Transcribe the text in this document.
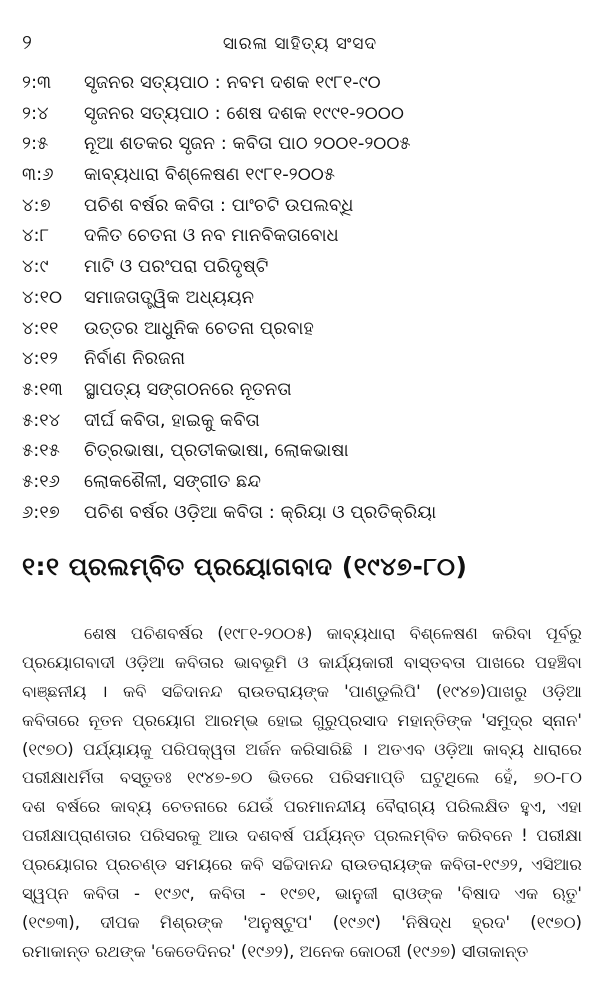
୨	ସାରଳା ସାହିତ୍ୟ ସଂସଦ
୨:୩ ସୃଜନର ସତ୍ୟପାଠ : ନବମ ଦଶକ ୧୯୮୧-୯୦
୨:୪ ସୃଜନର ସତ୍ୟପାଠ : ଶେଷ ଦଶକ ୧୯୯୧-୨୦୦୦
୨:୫ ନୂଆ ଶତକର ସୃଜନ : କବିତା ପାଠ ୨୦୦୧-୨୦୦୫
୩:୬ କାବ୍ୟଧାରା ବିଶ୍ଳେଷଣ ୧୯୮୧-୨୦୦୫
୪:୭ ପଚିଶ ବର୍ଷର କବିତା : ପାଂଚଟି ଉପଲବ୍ଧି
୪:୮ ଦଳିତ ଚେତନା ଓ ନବ ମାନବିକତାବୋଧ
୪:୯ ମାଟି ଓ ପରଂପରା ପରିଦୃଷ୍ଟି
୪:୧୦ ସମାଜତାତ୍ତ୍ୱିକ ଅଧ୍ୟୟନ
୪:୧୧ ଉତ୍ତର ଆଧୁନିକ ଚେତନା ପ୍ରବାହ
୪:୧୨ ନିର୍ବାଣ ନିରଜନା
୫:୧୩ ସ୍ଥାପତ୍ୟ ସଙ୍ଗଠନରେ ନୂତନତା
୫:୧୪ ଦୀର୍ଘ କବିତା, ହାଇକୁ କବିତା
୫:୧୫ ଚିତ୍ରଭାଷା, ପ୍ରତୀକଭାଷା, ଲୋକଭାଷା
୫:୧୬ ଲୋକଶୈଳୀ, ସଙ୍ଗୀତ ଛନ୍ଦ
୬:୧୭ ପଚିଶ ବର୍ଷର ଓଡ଼ିଆ କବିତା : କ୍ରିୟା ଓ ପ୍ରତିକ୍ରିୟା
୧:୧ ପ୍ରଲମ୍ବିତ ପ୍ରୟୋଗବାଦ (୧୯୪୭-୮୦)
ଶେଷ ପଚିଶବର୍ଷର (୧୯୮୧-୨୦୦୫) କାବ୍ୟଧାରା ବିଶ୍ଳେଷଣ କରିବା ପୂର୍ବରୁ
ପ୍ରୟୋଗବାଦୀ ଓଡ଼ିଆ କବିତାର ଭାବଭୂମି ଓ କାର୍ଯ୍ୟକାରୀ ବାସ୍ତବତା ପାଖରେ ପହଞ୍ଚିବା
ବାଞ୍ଛନୀୟ । କବି ସଚ୍ଚିଦାନନ୍ଦ ରାଉତରାୟଙ୍କ 'ପାଣ୍ଡୁଲିପି' (୧୯୪୭)ପାଖରୁ ଓଡ଼ିଆ
କବିତାରେ ନୂତନ ପ୍ରୟୋଗ ଆରମ୍ଭ ହୋଇ ଗୁରୁପ୍ରସାଦ ମହାନ୍ତିଙ୍କ 'ସମୁଦ୍ର ସ୍ନାନ'
(୧୯୭୦) ପର୍ଯ୍ୟାୟକୁ ପରିପକ୍ୱତା ଅର୍ଜନ କରିସାରିଛି । ଅତଏବ ଓଡ଼ିଆ କାବ୍ୟ ଧାରାରେ
ପରୀକ୍ଷାଧର୍ମିତା ବସ୍ତୁତଃ ୧୯୪୭-୭୦ ଭିତରେ ପରିସମାପ୍ତି ଘଟୁଥିଲେ ହେଁ, ୭୦-୮୦
ଦଶ ବର୍ଷରେ କାବ୍ୟ ଚେତନାରେ ଯେଉଁ ପରମାନନ୍ଦୀୟ ବୈରାଗ୍ୟ ପରିଲକ୍ଷିତ ହୁଏ, ଏହା
ପରୀକ୍ଷାପ୍ରାଣତାର ପରିସରକୁ ଆଉ ଦଶବର୍ଷ ପର୍ଯ୍ୟନ୍ତ ପ୍ରଲମ୍ବିତ କରିବନେ ! ପରୀକ୍ଷା
ପ୍ରୟୋଗର ପ୍ରଚଣ୍ଡ ସମୟରେ କବି ସଚ୍ଚିଦାନନ୍ଦ ରାଉତରାୟଙ୍କ କବିତା-୧୯୬୨, ଏସିଆର
ସ୍ୱପ୍ନ କବିତା - ୧୯୬୯, କବିତା - ୧୯୭୧, ଭାନୁଜୀ ରାଓଙ୍କ 'ବିଷାଦ ଏକ ଋତୁ'
(୧୯୭୩), ଦୀପକ ମିଶ୍ରଙ୍କ 'ଅନୁଷ୍ଟୁପ' (୧୯୬୯) 'ନିଷିଦ୍ଧ ହ୍ରଦ' (୧୯୭୦)
ରମାକାନ୍ତ ରଥଙ୍କ 'କେତେଦିନର' (୧୯୬୨), ଅନେକ କୋଠରୀ (୧୯୬୭) ସୀତାକାନ୍ତ
